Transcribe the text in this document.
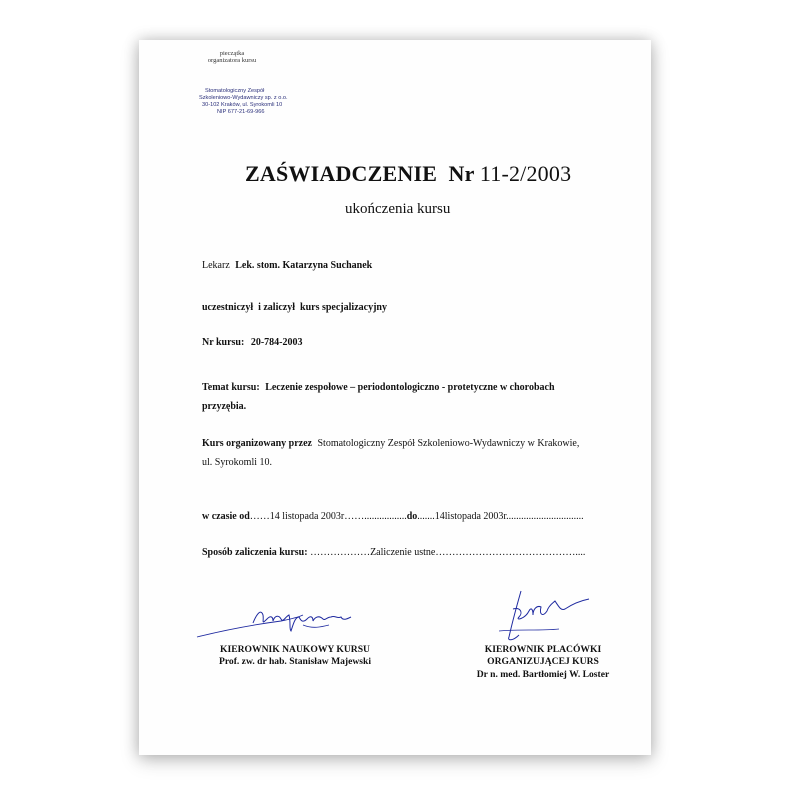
pieczątka
organizatora kursu
Stomatologiczny Zespół
Szkoleniowo-Wydawniczy sp. z o.o.
30-102 Kraków, ul. Syrokomli 10
NIP 677-21-69-966
ZAŚWIADCZENIE  Nr 11-2/2003
ukończenia kursu
Lekarz Lek. stom. Katarzyna Suchanek
uczestniczył  i zaliczył  kurs specjalizacyjny
Nr kursu: 20-784-2003
Temat kursu: Leczenie zespołowe – periodontologiczno - protetyczne w chorobach
przyzębia.
Kurs organizowany przez Stomatologiczny Zespół Szkoleniowo-Wydawniczy w Krakowie,
ul. Syrokomli 10.
w czasie od……14 listopada 2003r…….................do.......14listopada 2003r...............................
Sposób zaliczenia kursu: ………………Zaliczenie ustne……………………………………....
KIEROWNIK NAUKOWY KURSU
Prof. zw. dr hab. Stanisław Majewski
KIEROWNIK PLACÓWKI
ORGANIZUJĄCEJ KURS
Dr n. med. Bartłomiej W. Loster
